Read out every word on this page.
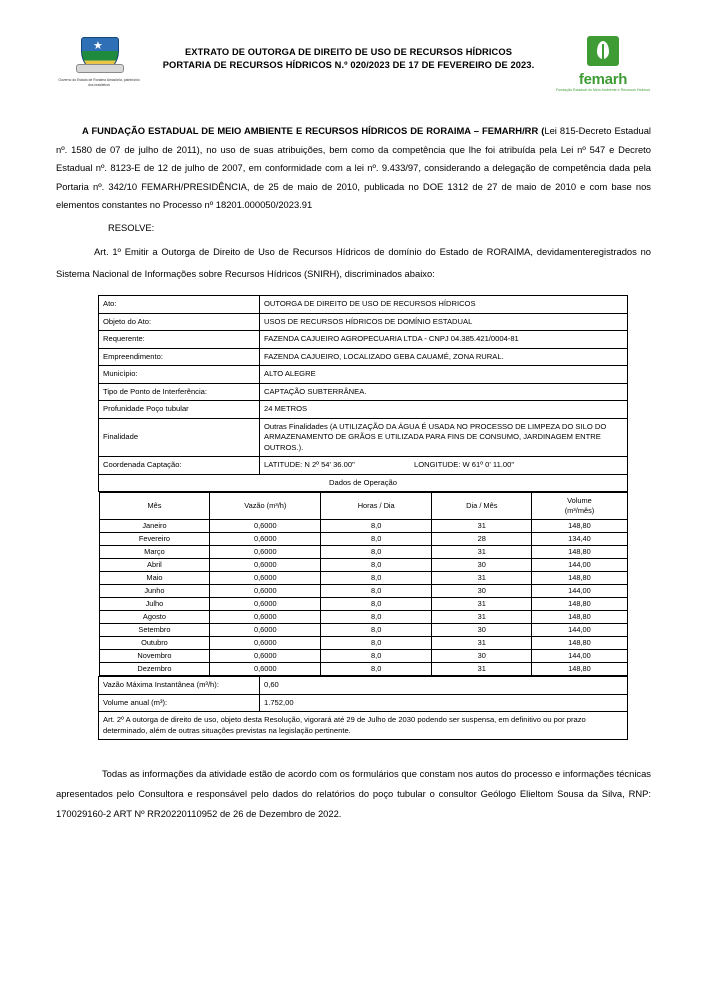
★
Governo do Estado de Roraima Amazônia, patrimônio dos brasileiros
EXTRATO DE OUTORGA DE DIREITO DE USO DE RECURSOS HÍDRICOS
PORTARIA DE RECURSOS HÍDRICOS N.º 020/2023 DE 17 DE FEVEREIRO DE 2023.
femarh
Fundação Estadual do Meio Ambiente e Recursos Hídricos

A FUNDAÇÃO ESTADUAL DE MEIO AMBIENTE E RECURSOS HÍDRICOS DE RORAIMA – FEMARH/RR (Lei 815-Decreto Estadual nº. 1580 de 07 de julho de 2011), no uso de suas atribuições, bem como da competência que lhe foi atribuída pela Lei nº 547 e Decreto Estadual nº. 8123-E de 12 de julho de 2007, em conformidade com a lei nº. 9.433/97, considerando a delegação de competência dada pela Portaria nº. 342/10 FEMARH/PRESIDÊNCIA, de 25 de maio de 2010, publicada no DOE 1312 de 27 de maio de 2010 e com base nos elementos constantes no Processo nº 18201.000050/2023.91

RESOLVE:
Art. 1º Emitir a Outorga de Direito de Uso de Recursos Hídricos de domínio do Estado de RORAIMA, devidamenteregistrados no Sistema Nacional de Informações sobre Recursos Hídricos (SNIRH), discriminados abaixo:
Ato:	OUTORGA DE DIREITO DE USO DE RECURSOS HÍDRICOS
Objeto do Ato:	USOS DE RECURSOS HÍDRICOS DE DOMÍNIO ESTADUAL
Requerente:	FAZENDA CAJUEIRO AGROPECUARIA LTDA - CNPJ 04.385.421/0004-81
Empreendimento:	FAZENDA CAJUEIRO, LOCALIZADO GEBA CAUAMÉ, ZONA RURAL.
Município:	ALTO ALEGRE
Tipo de Ponto de Interferência:	CAPTAÇÃO SUBTERRÂNEA.
Profunidade Poço tubular	24 METROS
Finalidade	Outras Finalidades (A UTILIZAÇÃO DA ÁGUA É USADA NO PROCESSO DE LIMPEZA DO SILO DO ARMAZENAMENTO DE GRÃOS E UTILIZADA PARA FINS DE CONSUMO, JARDINAGEM ENTRE OUTROS.).
Coordenada Captação:	LATITUDE: N 2º 54' 36.00"	LONGITUDE: W 61º 0' 11.00"
Dados de Operação

Mês	Vazão (m³/h)	Horas / Dia	Dia / Mês	Volume
(m³/mês)
Janeiro	0,6000	8,0	31	148,80
Fevereiro	0,6000	8,0	28	134,40
Março	0,6000	8,0	31	148,80
Abril	0,6000	8,0	30	144,00
Maio	0,6000	8,0	31	148,80
Junho	0,6000	8,0	30	144,00
Julho	0,6000	8,0	31	148,80
Agosto	0,6000	8,0	31	148,80
Setembro	0,6000	8,0	30	144,00
Outubro	0,6000	8,0	31	148,80
Novembro	0,6000	8,0	30	144,00
Dezembro	0,6000	8,0	31	148,80

Vazão Máxima Instantânea (m³/h):	0,60
Volume anual (m³):	1.752,00
Art. 2º A outorga de direito de uso, objeto desta Resolução, vigorará até 29 de Julho de 2030 podendo ser suspensa, em definitivo ou por prazo determinado, além de outras situações previstas na legislação pertinente.
Todas as informações da atividade estão de acordo com os formulários que constam nos autos do processo e informações técnicas apresentados pelo Consultora e responsável pelo dados do relatórios do poço tubular o consultor Geólogo Elieltom Sousa da Silva, RNP: 170029160-2 ART Nº RR20220110952 de 26 de Dezembro de 2022.
